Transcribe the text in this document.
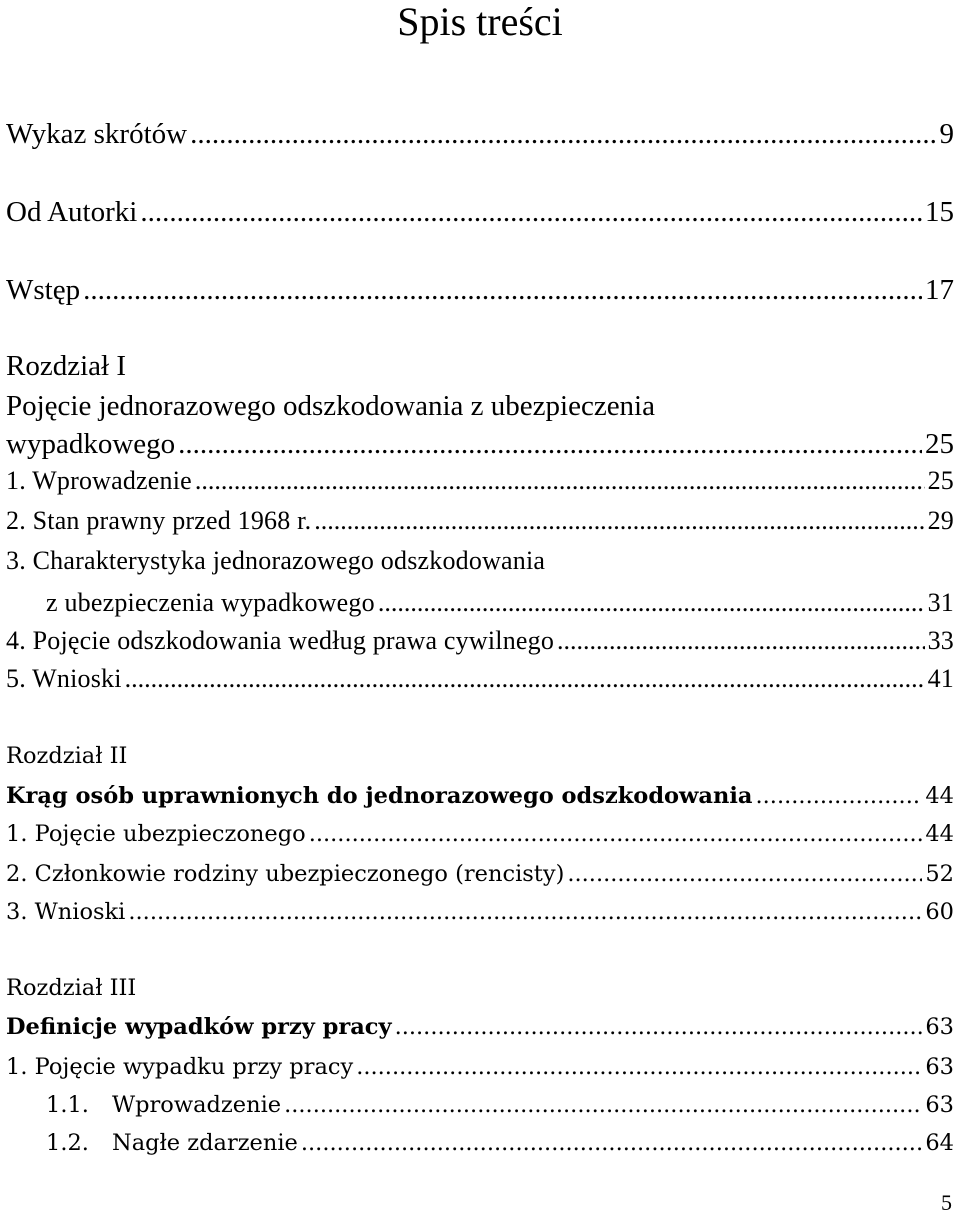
Spis treści
Wykaz skrótów .....	9
Od Autorki .....	15
Wstęp .....	17
Rozdział I
Pojęcie jednorazowego odszkodowania z ubezpieczenia
wypadkowego .....	25
1. Wprowadzenie .....	25
2. Stan prawny przed 1968 r. .....	29
3. Charakterystyka jednorazowego odszkodowania
z ubezpieczenia wypadkowego .....	31
4. Pojęcie odszkodowania według prawa cywilnego .....	33
5. Wnioski .....	41
Rozdział II
Krąg osób uprawnionych do jednorazowego odszkodowania .....	44
1. Pojęcie ubezpieczonego .....	44
2. Członkowie rodziny ubezpieczonego (rencisty) .....	52
3. Wnioski .....	60
Rozdział III
Definicje wypadków przy pracy .....	63
1. Pojęcie wypadku przy pracy .....	63
1.1. Wprowadzenie .....	63
1.2. Nagłe zdarzenie .....	64
5
